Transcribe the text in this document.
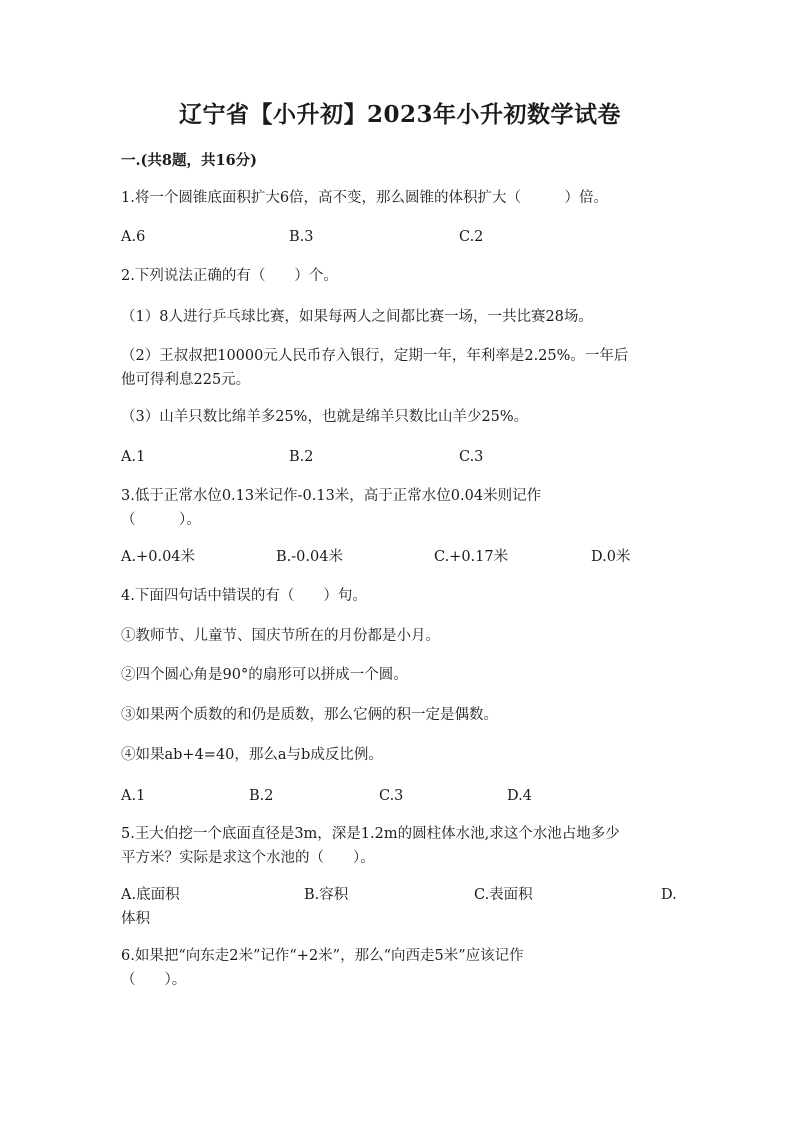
辽宁省【小升初】2023年小升初数学试卷
一.(共8题，共16分)
1.将一个圆锥底面积扩大6倍，高不变，那么圆锥的体积扩大（　　　）倍。
A.6	B.3	C.2
2.下列说法正确的有（　　）个。
（1）8人进行乒乓球比赛，如果每两人之间都比赛一场，一共比赛28场。
（2）王叔叔把10000元人民币存入银行，定期一年，年利率是2.25%。一年后
他可得利息225元。
（3）山羊只数比绵羊多25%，也就是绵羊只数比山羊少25%。
A.1	B.2	C.3
3.低于正常水位0.13米记作-0.13米，高于正常水位0.04米则记作
（　　　）。
A.+0.04米	B.-0.04米	C.+0.17米	D.0米
4.下面四句话中错误的有（　　）句。
①教师节、儿童节、国庆节所在的月份都是小月。
②四个圆心角是90°的扇形可以拼成一个圆。
③如果两个质数的和仍是质数，那么它俩的积一定是偶数。
④如果ab+4=40，那么a与b成反比例。
A.1	B.2	C.3	D.4
5.王大伯挖一个底面直径是3m，深是1.2m的圆柱体水池,求这个水池占地多少
平方米？实际是求这个水池的（　　）。
A.底面积	B.容积	C.表面积	D.
体积
6.如果把“向东走2米”记作“+2米”，那么“向西走5米”应该记作
（　　）。
